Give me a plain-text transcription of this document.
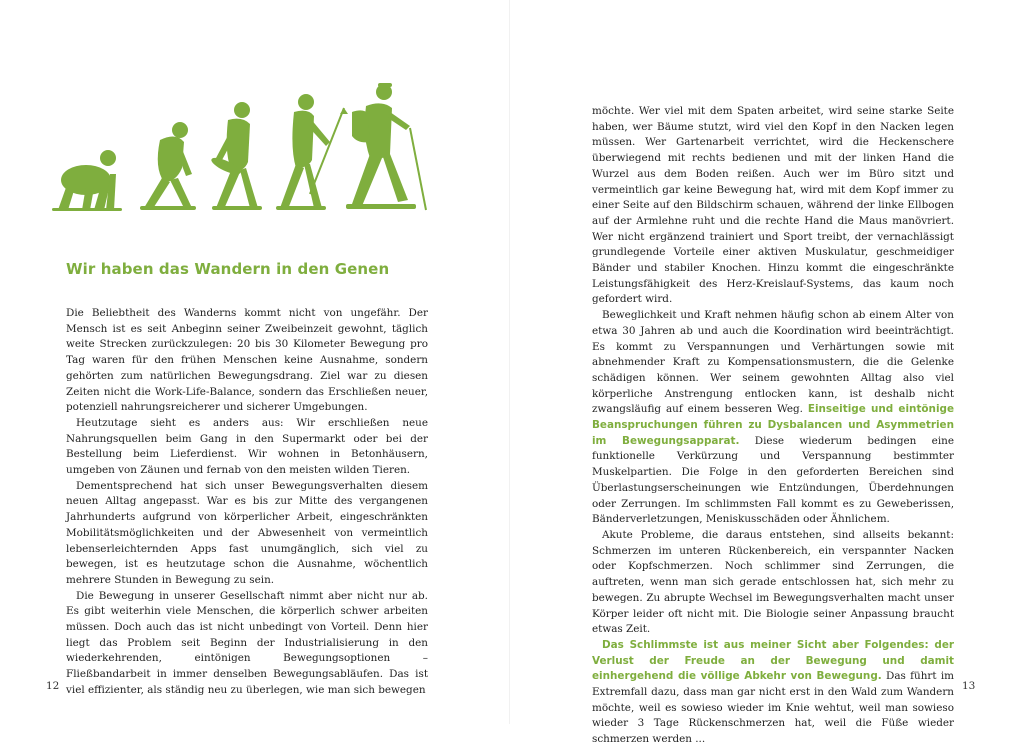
Wir haben das Wandern in den Genen

Die Beliebtheit des Wanderns kommt nicht von ungefähr. Der Mensch ist es seit Anbeginn seiner Zweibeinzeit gewohnt, täglich weite Strecken zurückzulegen: 20 bis 30 Kilometer Bewegung pro Tag waren für den frühen Menschen keine Ausnahme, sondern gehörten zum natürlichen Bewegungsdrang. Ziel war zu diesen Zeiten nicht die Work-Life-Balance, sondern das Erschließen neuer, potenziell nahrungsreicherer und sicherer Umgebungen.

Heutzutage sieht es anders aus: Wir erschließen neue Nahrungsquellen beim Gang in den Supermarkt oder bei der Bestellung beim Lieferdienst. Wir wohnen in Betonhäusern, umgeben von Zäunen und fernab von den meisten wilden Tieren.

Dementsprechend hat sich unser Bewegungsverhalten diesem neuen Alltag angepasst. War es bis zur Mitte des vergangenen Jahrhunderts aufgrund von körperlicher Arbeit, eingeschränkten Mobilitätsmöglichkeiten und der Abwesenheit von vermeintlich lebenserleichternden Apps fast unumgänglich, sich viel zu bewegen, ist es heutzutage schon die Ausnahme, wöchentlich mehrere Stunden in Bewegung zu sein.

Die Bewegung in unserer Gesellschaft nimmt aber nicht nur ab. Es gibt weiterhin viele Menschen, die körperlich schwer arbeiten müssen. Doch auch das ist nicht unbedingt von Vorteil. Denn hier liegt das Problem seit Beginn der Industrialisierung in den wiederkehrenden, eintönigen Bewegungsoptionen – Fließbandarbeit in immer denselben Bewegungsabläufen. Das ist viel effizienter, als ständig neu zu überlegen, wie man sich bewegen

12

möchte. Wer viel mit dem Spaten arbeitet, wird seine starke Seite haben, wer Bäume stutzt, wird viel den Kopf in den Nacken legen müssen. Wer Gartenarbeit verrichtet, wird die Heckenschere überwiegend mit rechts bedienen und mit der linken Hand die Wurzel aus dem Boden reißen. Auch wer im Büro sitzt und vermeintlich gar keine Bewegung hat, wird mit dem Kopf immer zu einer Seite auf den Bildschirm schauen, während der linke Ellbogen auf der Armlehne ruht und die rechte Hand die Maus manövriert. Wer nicht ergänzend trainiert und Sport treibt, der vernachlässigt grundlegende Vorteile einer aktiven Muskulatur, geschmeidiger Bänder und stabiler Knochen. Hinzu kommt die eingeschränkte Leistungsfähigkeit des Herz-Kreislauf-Systems, das kaum noch gefordert wird.

Beweglichkeit und Kraft nehmen häufig schon ab einem Alter von etwa 30 Jahren ab und auch die Koordination wird beeinträchtigt. Es kommt zu Verspannungen und Verhärtungen sowie mit abnehmender Kraft zu Kompensationsmustern, die die Gelenke schädigen können. Wer seinem gewohnten Alltag also viel körperliche Anstrengung entlocken kann, ist deshalb nicht zwangsläufig auf einem besseren Weg. Einseitige und eintönige Beanspruchungen führen zu Dysbalancen und Asymmetrien im Bewegungsapparat. Diese wiederum bedingen eine funktionelle Verkürzung und Verspannung bestimmter Muskelpartien. Die Folge in den geforderten Bereichen sind Überlastungserscheinungen wie Entzündungen, Überdehnungen oder Zerrungen. Im schlimmsten Fall kommt es zu Geweberissen, Bänderverletzungen, Meniskusschäden oder Ähnlichem.

Akute Probleme, die daraus entstehen, sind allseits bekannt: Schmerzen im unteren Rückenbereich, ein verspannter Nacken oder Kopfschmerzen. Noch schlimmer sind Zerrungen, die auftreten, wenn man sich gerade entschlossen hat, sich mehr zu bewegen. Zu abrupte Wechsel im Bewegungsverhalten macht unser Körper leider oft nicht mit. Die Biologie seiner Anpassung braucht etwas Zeit.

Das Schlimmste ist aus meiner Sicht aber Folgendes: der Verlust der Freude an der Bewegung und damit einhergehend die völlige Abkehr von Bewegung. Das führt im Extremfall dazu, dass man gar nicht erst in den Wald zum Wandern möchte, weil es sowieso wieder im Knie wehtut, weil man sowieso wieder 3 Tage Rückenschmerzen hat, weil die Füße wieder schmerzen werden ...

13
